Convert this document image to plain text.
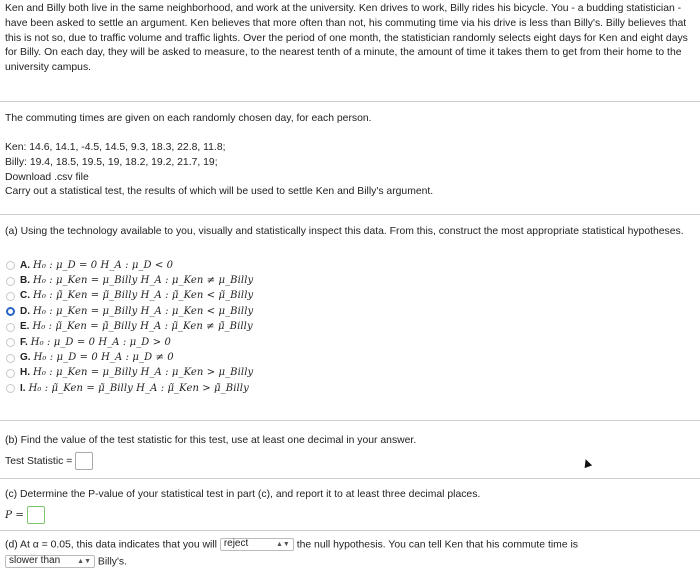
Ken and Billy both live in the same neighborhood, and work at the university. Ken drives to work, Billy rides his bicycle. You - a budding statistician - have been asked to settle an argument. Ken believes that more often than not, his commuting time via his drive is less than Billy's. Billy believes that this is not so, due to traffic volume and traffic lights. Over the period of one month, the statistician randomly selects eight days for Ken and eight days for Billy. On each day, they will be asked to measure, to the nearest tenth of a minute, the amount of time it takes them to get from their home to the university campus.

The commuting times are given on each randomly chosen day, for each person.

Ken: 14.6, 14.1, -4.5, 14.5, 9.3, 18.3, 22.8, 11.8;

Billy: 19.4, 18.5, 19.5, 19, 18.2, 19.2, 21.7, 19;

Download .csv file

Carry out a statistical test, the results of which will be used to settle Ken and Billy's argument.

(a) Using the technology available to you, visually and statistically inspect this data. From this, construct the most appropriate statistical hypotheses.

A. H₀ : μ_D = 0 H_A : μ_D < 0
B. H₀ : μ_Ken = μ_Billy H_A : μ_Ken ≠ μ_Billy
C. H₀ : μ̃_Ken = μ̃_Billy H_A : μ̃_Ken < μ̃_Billy
D. H₀ : μ_Ken = μ_Billy H_A : μ_Ken < μ_Billy
E. H₀ : μ̃_Ken = μ̃_Billy H_A : μ̃_Ken ≠ μ̃_Billy
F. H₀ : μ_D = 0 H_A : μ_D > 0
G. H₀ : μ_D = 0 H_A : μ_D ≠ 0
H. H₀ : μ_Ken = μ_Billy H_A : μ_Ken > μ_Billy
I. H₀ : μ̃_Ken = μ̃_Billy H_A : μ̃_Ken > μ̃_Billy

(b) Find the value of the test statistic for this test, use at least one decimal in your answer.

Test Statistic =

(c) Determine the P-value of your statistical test in part (c), and report it to at least three decimal places.

P =

(d) At α = 0.05, this data indicates that you will reject	▲▼ the null hypothesis. You can tell Ken that his commute time is

slower than ▲▼ Billy's.
